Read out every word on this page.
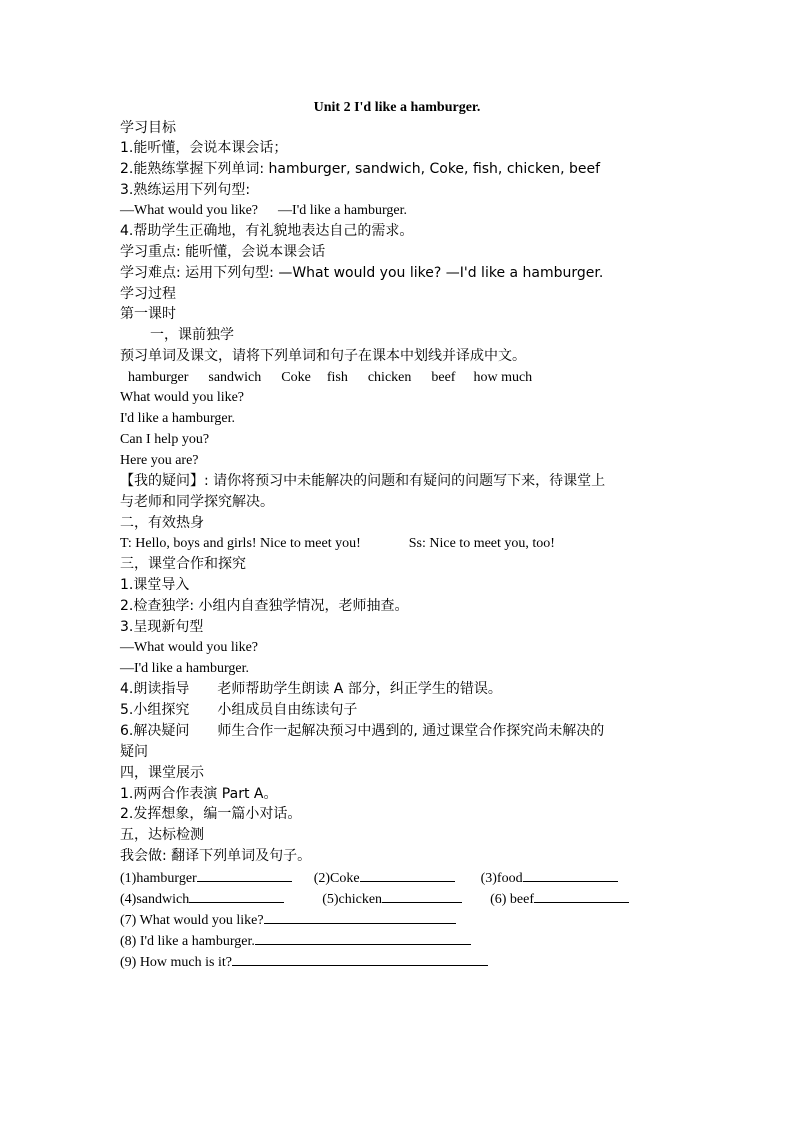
Unit 2 I'd like a hamburger.
学习目标
1.能听懂，会说本课会话；
2.能熟练掌握下列单词: hamburger, sandwich, Coke, fish, chicken, beef
3.熟练运用下列句型:
—What would you like? —I'd like a hamburger.
4.帮助学生正确地，有礼貌地表达自己的需求。
学习重点: 能听懂，会说本课会话
学习难点: 运用下列句型: —What would you like? —I'd like a hamburger.
学习过程
第一课时
一，课前独学
预习单词及课文，请将下列单词和句子在课本中划线并译成中文。
hamburger sandwich Coke fish chicken beef how much
What would you like?
I'd like a hamburger.
Can I help you?
Here you are?
【我的疑问】: 请你将预习中未能解决的问题和有疑问的问题写下来，待课堂上
与老师和同学探究解决。
二，有效热身
T: Hello, boys and girls! Nice to meet you!	Ss: Nice to meet you, too!
三，课堂合作和探究
1.课堂导入
2.检查独学: 小组内自查独学情况，老师抽查。
3.呈现新句型
—What would you like?
—I'd like a hamburger.
4.朗读指导 老师帮助学生朗读 A 部分，纠正学生的错误。
5.小组探究 小组成员自由练读句子
6.解决疑问 师生合作一起解决预习中遇到的, 通过课堂合作探究尚未解决的
疑问
四，课堂展示
1.两两合作表演 Part A。
2.发挥想象，编一篇小对话。
五，达标检测
我会做: 翻译下列单词及句子。
(1)hamburger	(2)Coke	(3)food
(4)sandwich	(5)chicken	(6) beef
(7) What would you like?
(8) I'd like a hamburger.
(9) How much is it?
